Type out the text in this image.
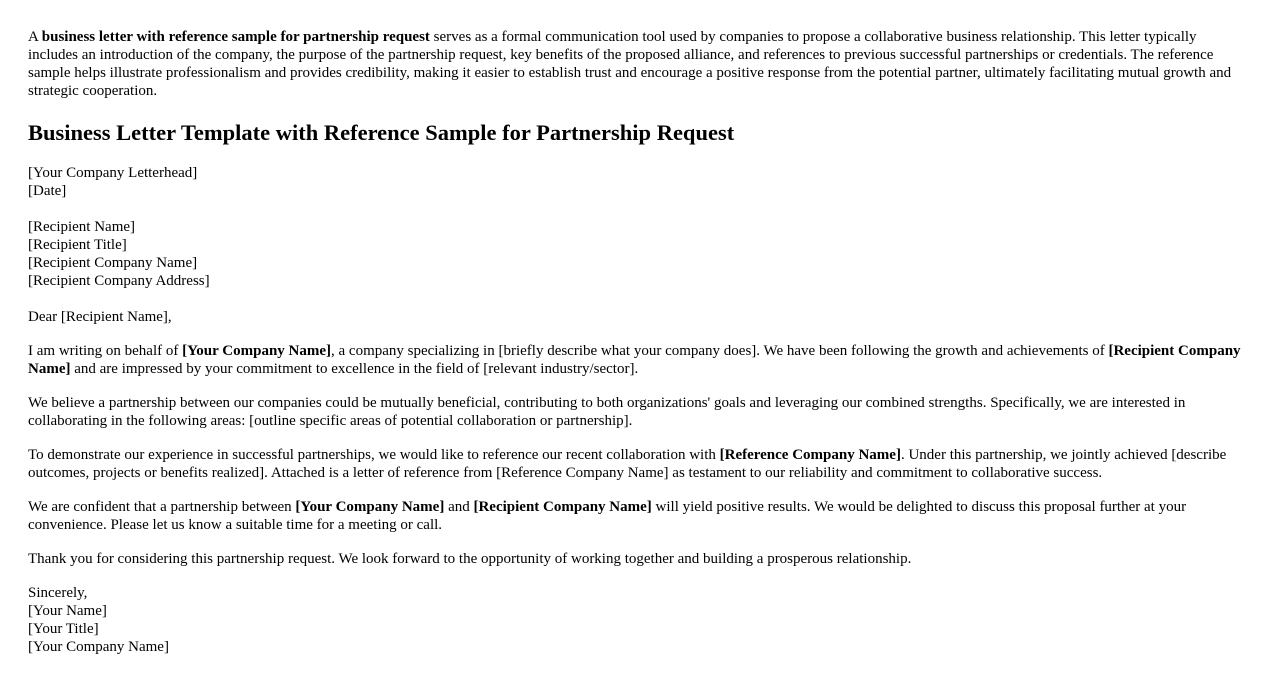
A business letter with reference sample for partnership request serves as a formal communication tool used by companies to propose a collaborative business relationship. This letter typically includes an introduction of the company, the purpose of the partnership request, key benefits of the proposed alliance, and references to previous successful partnerships or credentials. The reference sample helps illustrate professionalism and provides credibility, making it easier to establish trust and encourage a positive response from the potential partner, ultimately facilitating mutual growth and strategic cooperation.

Business Letter Template with Reference Sample for Partnership Request
[Your Company Letterhead]
[Date]
[Recipient Name]
[Recipient Title]
[Recipient Company Name]
[Recipient Company Address]

Dear [Recipient Name],

I am writing on behalf of [Your Company Name], a company specializing in [briefly describe what your company does]. We have been following the growth and achievements of [Recipient Company Name] and are impressed by your commitment to excellence in the field of [relevant industry/sector].

We believe a partnership between our companies could be mutually beneficial, contributing to both organizations' goals and leveraging our combined strengths. Specifically, we are interested in collaborating in the following areas: [outline specific areas of potential collaboration or partnership].

To demonstrate our experience in successful partnerships, we would like to reference our recent collaboration with [Reference Company Name]. Under this partnership, we jointly achieved [describe outcomes, projects or benefits realized]. Attached is a letter of reference from [Reference Company Name] as testament to our reliability and commitment to collaborative success.

We are confident that a partnership between [Your Company Name] and [Recipient Company Name] will yield positive results. We would be delighted to discuss this proposal further at your convenience. Please let us know a suitable time for a meeting or call.

Thank you for considering this partnership request. We look forward to the opportunity of working together and building a prosperous relationship.

Sincerely,
[Your Name]
[Your Title]
[Your Company Name]
